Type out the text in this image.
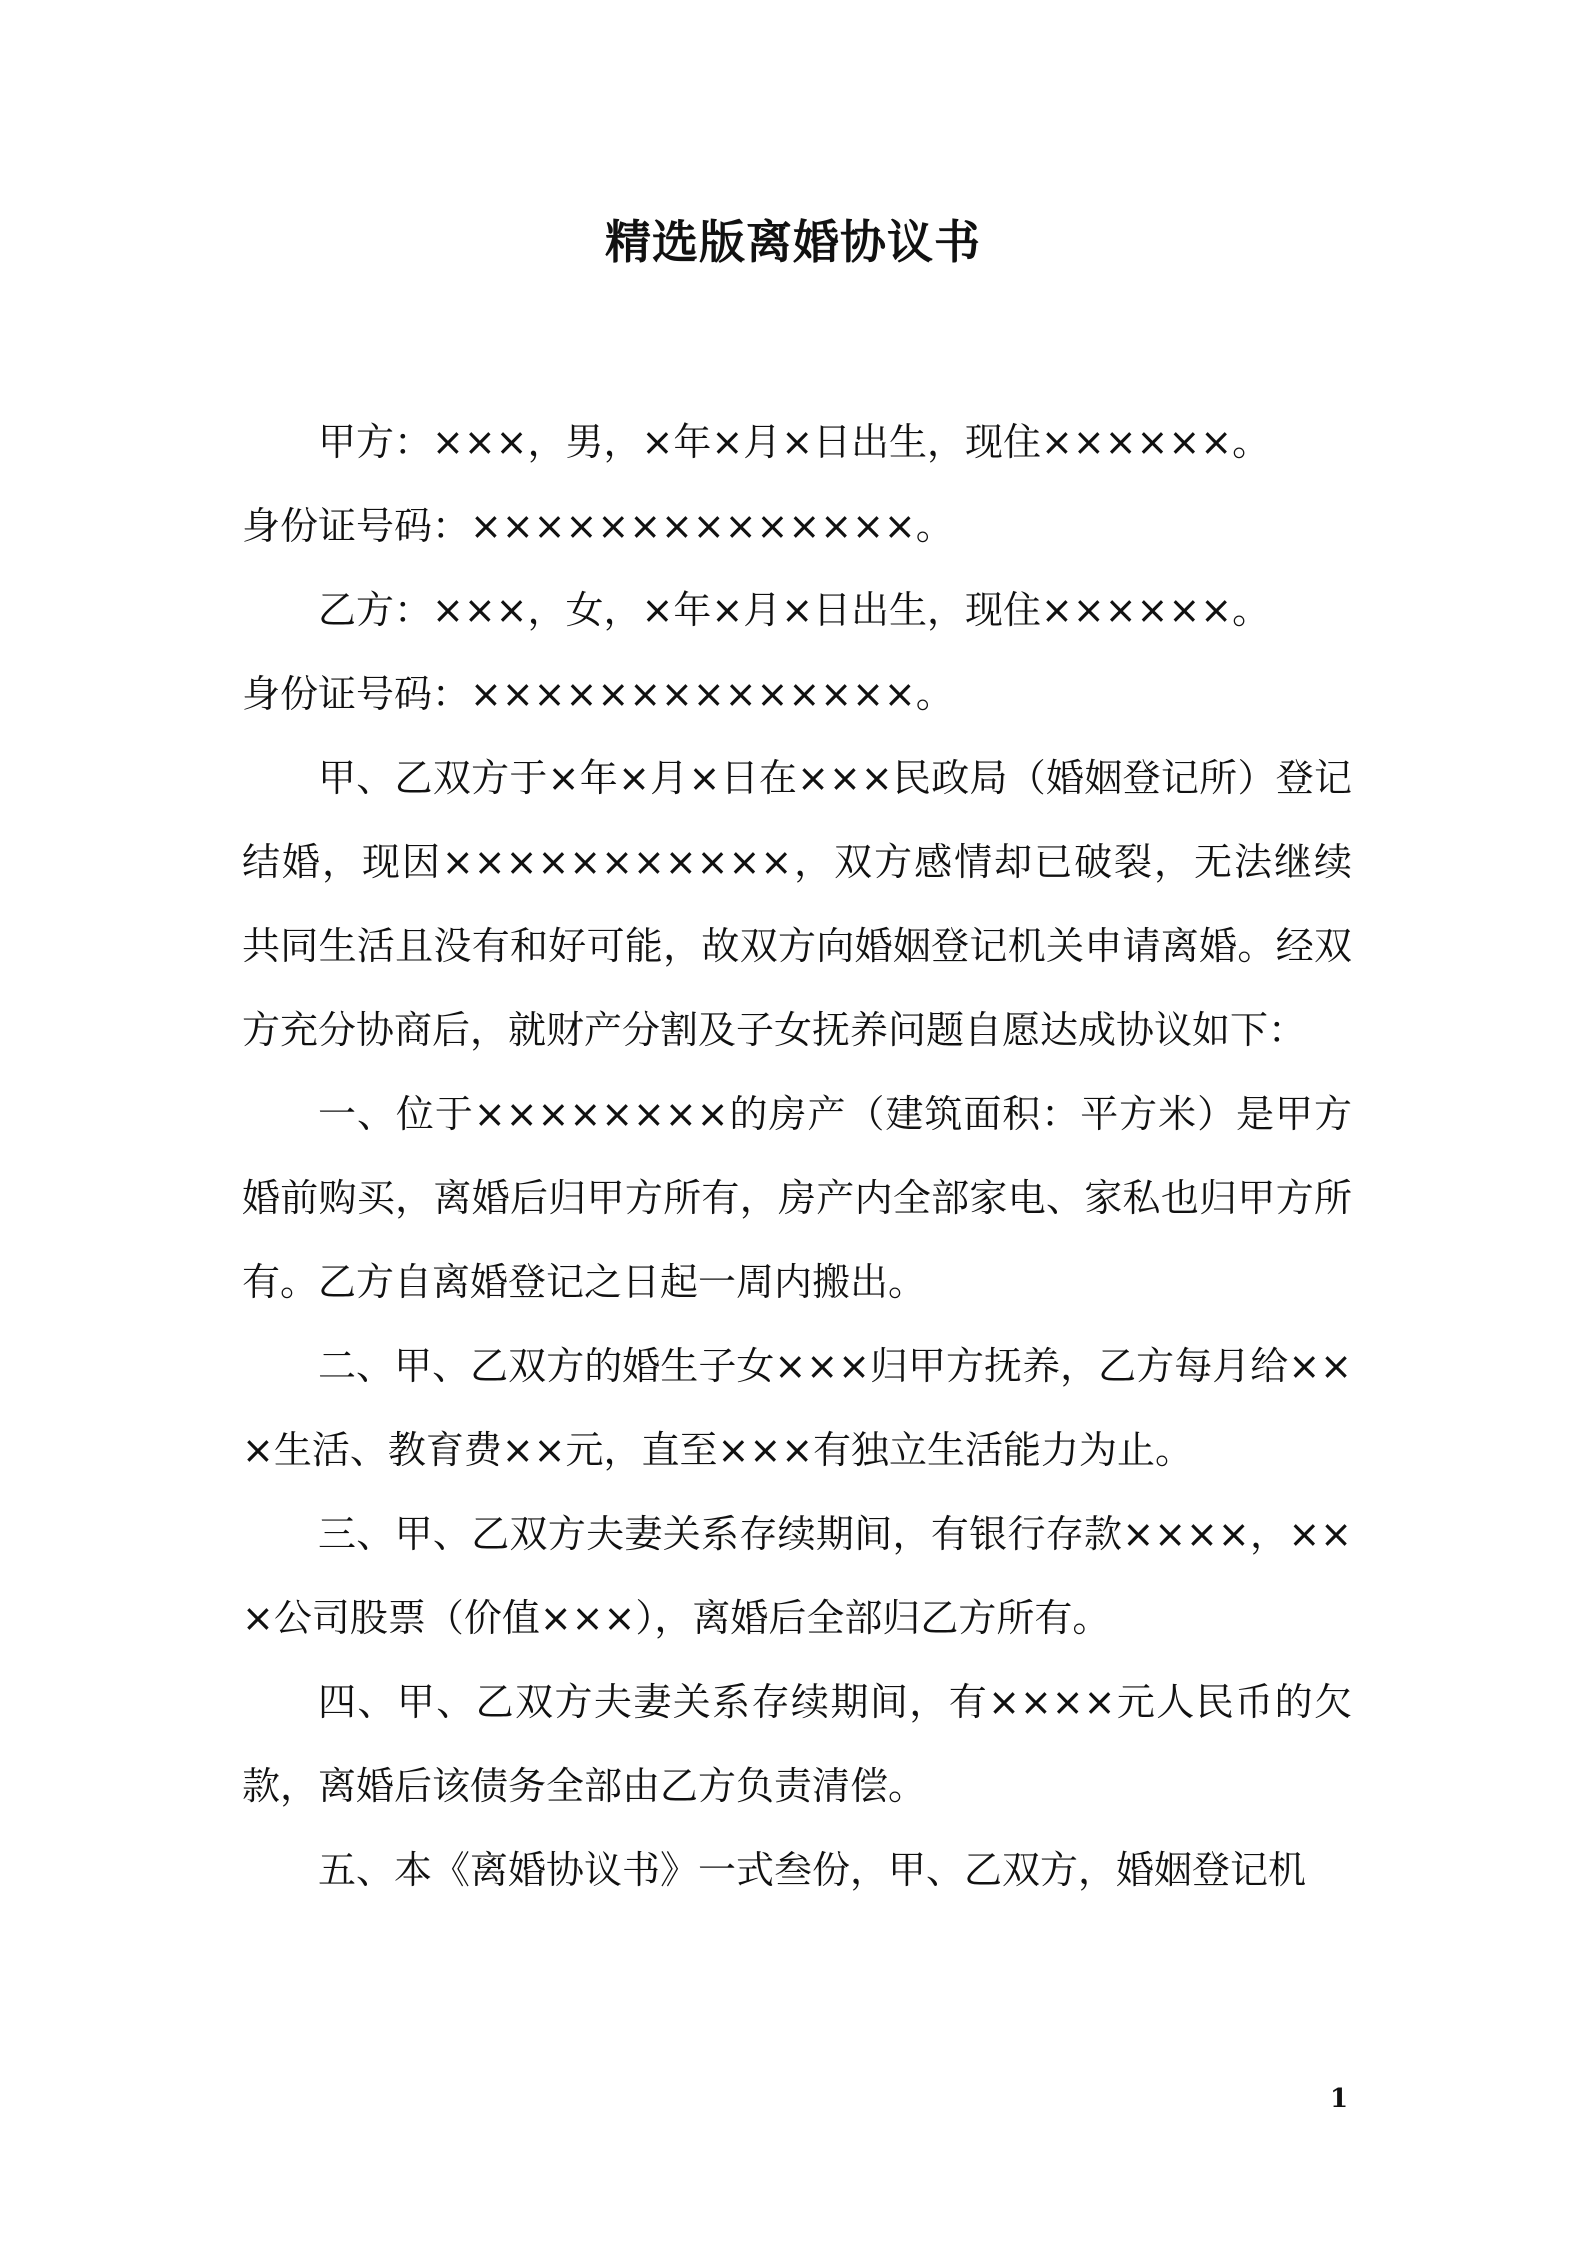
精选版离婚协议书

甲方：×××，男，×年×月×日出生，现住××××××。

身份证号码：××××××××××××××。

乙方：×××，女，×年×月×日出生，现住××××××。

身份证号码：××××××××××××××。

甲、乙双方于×年×月×日在×××民政局（婚姻登记所）登记结婚，现因×××××××××××，双方感情却已破裂，无法继续共同生活且没有和好可能，故双方向婚姻登记机关申请离婚。经双方充分协商后，就财产分割及子女抚养问题自愿达成协议如下：

一、位于××××××××的房产（建筑面积：平方米）是甲方婚前购买，离婚后归甲方所有，房产内全部家电、家私也归甲方所有。乙方自离婚登记之日起一周内搬出。

二、甲、乙双方的婚生子女×××归甲方抚养，乙方每月给×××生活、教育费××元，直至×××有独立生活能力为止。

三、甲、乙双方夫妻关系存续期间，有银行存款××××，×××公司股票（价值×××），离婚后全部归乙方所有。

四、甲、乙双方夫妻关系存续期间，有××××元人民币的欠款，离婚后该债务全部由乙方负责清偿。

五、本《离婚协议书》一式叁份，甲、乙双方，婚姻登记机

1
